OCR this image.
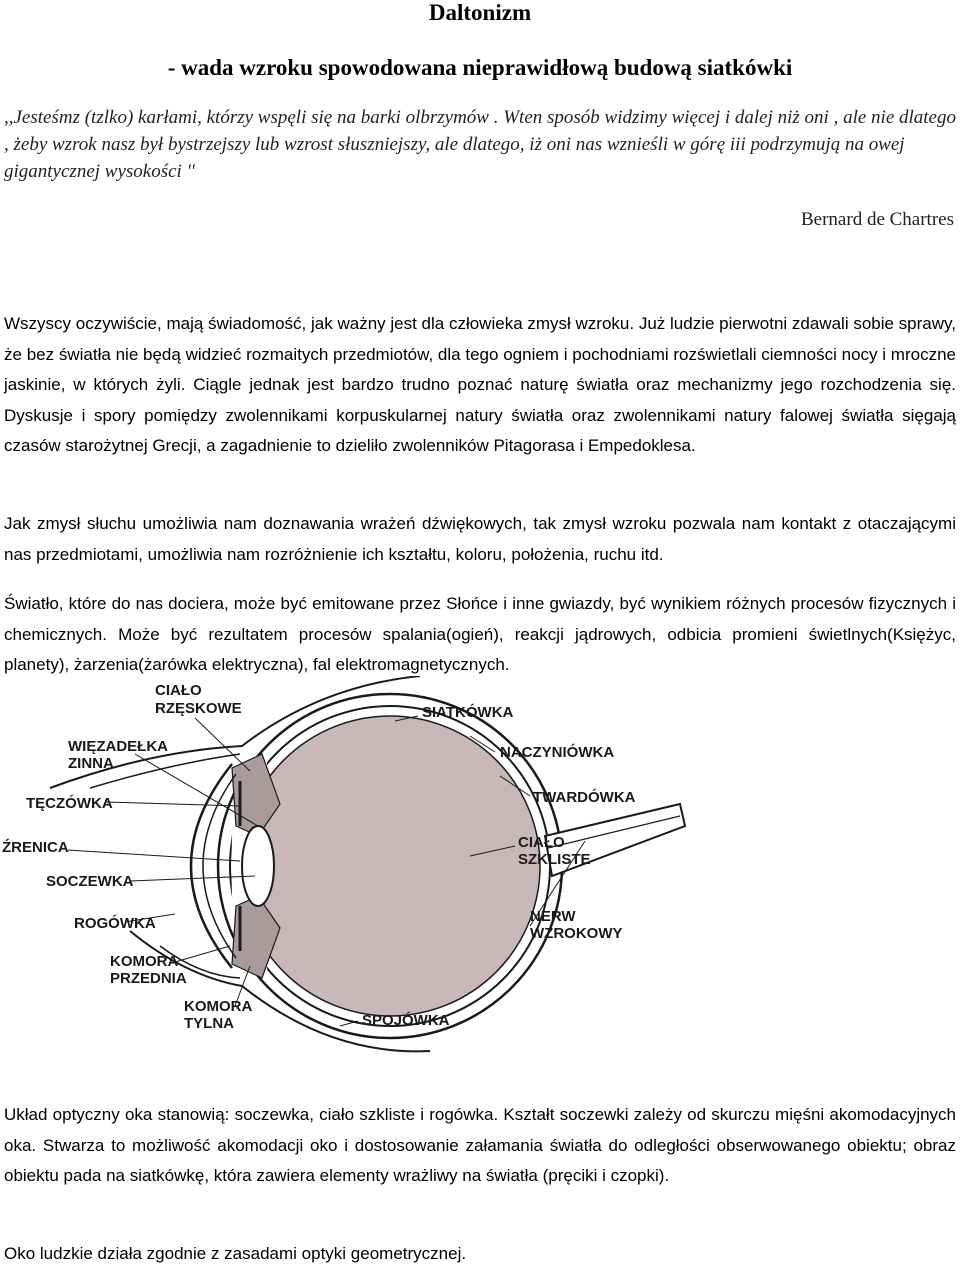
Daltonizm
- wada wzroku spowodowana nieprawidłową budową siatkówki
,,Jesteśmz (tzlko) karłami, którzy wspęli się na barki olbrzymów . Wten sposób widzimy więcej i dalej niż oni , ale nie dlatego , żeby wzrok nasz był bystrzejszy lub wzrost słuszniejszy, ale dlatego, iż oni nas wznieśli w górę iii podrzymują na owej gigantycznej wysokości ''
Bernard de Chartres
Wszyscy oczywiście, mają świadomość, jak ważny jest dla człowieka zmysł wzroku. Już ludzie pierwotni zdawali sobie sprawy, że bez światła nie będą widzieć rozmaitych przedmiotów, dla tego ogniem i pochodniami rozświetlali ciemności nocy i mroczne jaskinie, w których żyli. Ciągle jednak jest bardzo trudno poznać naturę światła oraz mechanizmy jego rozchodzenia się. Dyskusje i spory pomiędzy zwolennikami korpuskularnej natury światła oraz zwolennikami natury falowej światła sięgają czasów starożytnej Grecji, a zagadnienie to dzieliło zwolenników Pitagorasa i Empedoklesa.
Jak zmysł słuchu umożliwia nam doznawania wrażeń dźwiękowych, tak zmysł wzroku pozwala nam kontakt z otaczającymi nas przedmiotami, umożliwia nam rozróżnienie ich kształtu, koloru, położenia, ruchu itd.
Światło, które do nas dociera, może być emitowane przez Słońce i inne gwiazdy, być wynikiem różnych procesów fizycznych i chemicznych. Może być rezultatem procesów spalania(ogień), reakcji jądrowych, odbicia promieni świetlnych(Księżyc, planety), żarzenia(żarówka elektryczna), fal elektromagnetycznych.
CIAŁO
RZĘSKOWE
WIĘZADEŁKA
ZINNA
TĘCZÓWKA
ŹRENICA
SOCZEWKA
ROGÓWKA
KOMORA
PRZEDNIA
KOMORA
TYLNA
SIATKÓWKA
NACZYNIÓWKA
TWARDÓWKA
CIAŁO
SZKLISTE
NERW
WZROKOWY
SPOJÓWKA
Układ optyczny oka stanowią: soczewka, ciało szkliste i rogówka. Kształt soczewki zależy od skurczu mięśni akomodacyjnych oka. Stwarza to możliwość akomodacji oko i dostosowanie załamania światła do odległości obserwowanego obiektu; obraz obiektu pada na siatkówkę, która zawiera elementy wrażliwy na światła (pręciki i czopki).
Oko ludzkie działa zgodnie z zasadami optyki geometrycznej.
